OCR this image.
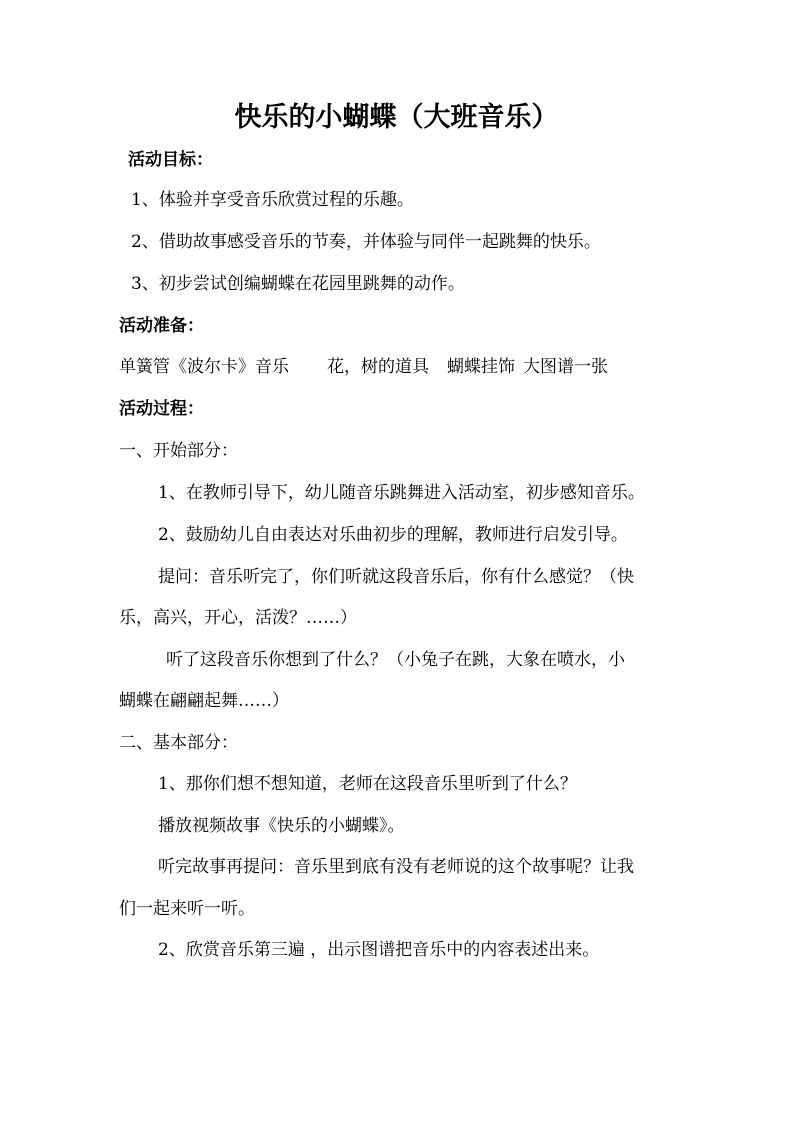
快乐的小蝴蝶（大班音乐）
活动目标：
1、体验并享受音乐欣赏过程的乐趣。
2、借助故事感受音乐的节奏，并体验与同伴一起跳舞的快乐。
3、初步尝试创编蝴蝶在花园里跳舞的动作。
活动准备：
单簧管《波尔卡》音乐 花，树的道具 蝴蝶挂饰 大图谱一张
活动过程：
一、开始部分：
1、在教师引导下，幼儿随音乐跳舞进入活动室，初步感知音乐。
2、鼓励幼儿自由表达对乐曲初步的理解，教师进行启发引导。
提问：音乐听完了，你们听就这段音乐后，你有什么感觉？（快
乐，高兴，开心，活泼？……）
听了这段音乐你想到了什么？（小兔子在跳，大象在喷水，小
蝴蝶在翩翩起舞……）
二、基本部分：
1、那你们想不想知道，老师在这段音乐里听到了什么？
播放视频故事《快乐的小蝴蝶》。
听完故事再提问：音乐里到底有没有老师说的这个故事呢？让我
们一起来听一听。
2、欣赏音乐第三遍 ，出示图谱把音乐中的内容表述出来。
